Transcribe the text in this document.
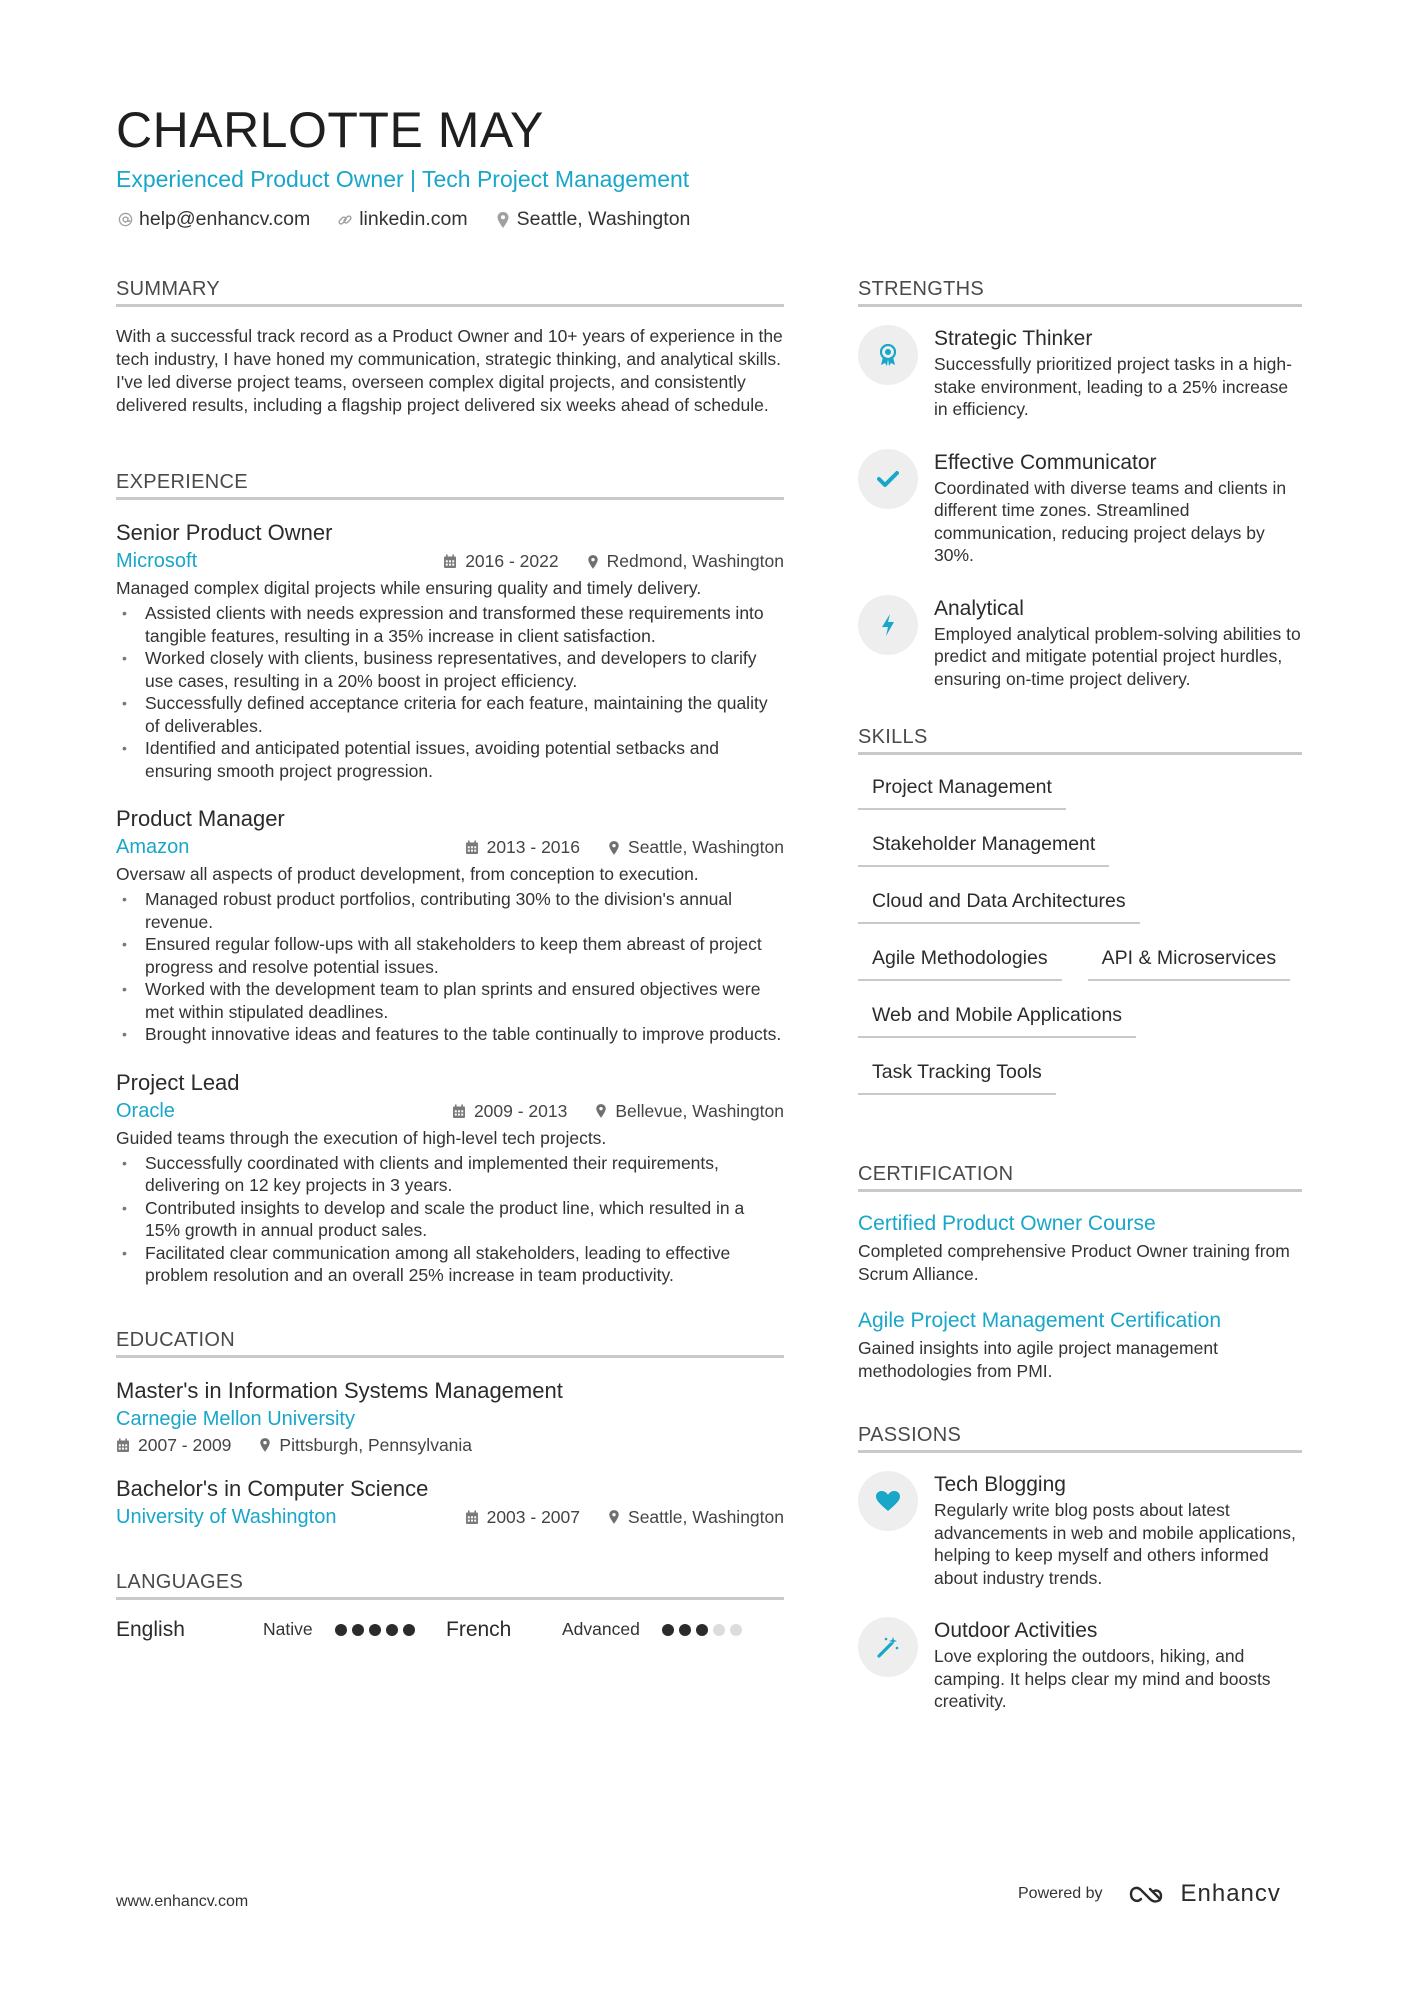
CHARLOTTE MAY
Experienced Product Owner | Tech Project Management
help@enhancv.com	linkedin.com	Seattle, Washington
SUMMARY
With a successful track record as a Product Owner and 10+ years of experience in the tech industry, I have honed my communication, strategic thinking, and analytical skills. I've led diverse project teams, overseen complex digital projects, and consistently delivered results, including a flagship project delivered six weeks ahead of schedule.
EXPERIENCE
Senior Product Owner
Microsoft	2016 - 2022	Redmond, Washington
Managed complex digital projects while ensuring quality and timely delivery.
• Assisted clients with needs expression and transformed these requirements into tangible features, resulting in a 35% increase in client satisfaction.
• Worked closely with clients, business representatives, and developers to clarify use cases, resulting in a 20% boost in project efficiency.
• Successfully defined acceptance criteria for each feature, maintaining the quality of deliverables.
• Identified and anticipated potential issues, avoiding potential setbacks and ensuring smooth project progression.
Product Manager
Amazon	2013 - 2016	Seattle, Washington
Oversaw all aspects of product development, from conception to execution.
• Managed robust product portfolios, contributing 30% to the division's annual revenue.
• Ensured regular follow-ups with all stakeholders to keep them abreast of project progress and resolve potential issues.
• Worked with the development team to plan sprints and ensured objectives were met within stipulated deadlines.
• Brought innovative ideas and features to the table continually to improve products.
Project Lead
Oracle	2009 - 2013	Bellevue, Washington
Guided teams through the execution of high-level tech projects.
• Successfully coordinated with clients and implemented their requirements, delivering on 12 key projects in 3 years.
• Contributed insights to develop and scale the product line, which resulted in a 15% growth in annual product sales.
• Facilitated clear communication among all stakeholders, leading to effective problem resolution and an overall 25% increase in team productivity.
EDUCATION
Master's in Information Systems Management
Carnegie Mellon University
2007 - 2009	Pittsburgh, Pennsylvania
Bachelor's in Computer Science
University of Washington	2003 - 2007	Seattle, Washington
LANGUAGES
English	Native	French	Advanced
STRENGTHS
Strategic Thinker
Successfully prioritized project tasks in a high-stake environment, leading to a 25% increase in efficiency.
Effective Communicator
Coordinated with diverse teams and clients in different time zones. Streamlined communication, reducing project delays by 30%.
Analytical
Employed analytical problem-solving abilities to predict and mitigate potential project hurdles, ensuring on-time project delivery.
SKILLS
Project Management
Stakeholder Management
Cloud and Data Architectures
Agile Methodologies	API & Microservices
Web and Mobile Applications
Task Tracking Tools
CERTIFICATION
Certified Product Owner Course
Completed comprehensive Product Owner training from Scrum Alliance.
Agile Project Management Certification
Gained insights into agile project management methodologies from PMI.
PASSIONS
Tech Blogging
Regularly write blog posts about latest advancements in web and mobile applications, helping to keep myself and others informed about industry trends.
Outdoor Activities
Love exploring the outdoors, hiking, and camping. It helps clear my mind and boosts creativity.
www.enhancv.com	Powered by	Enhancv
